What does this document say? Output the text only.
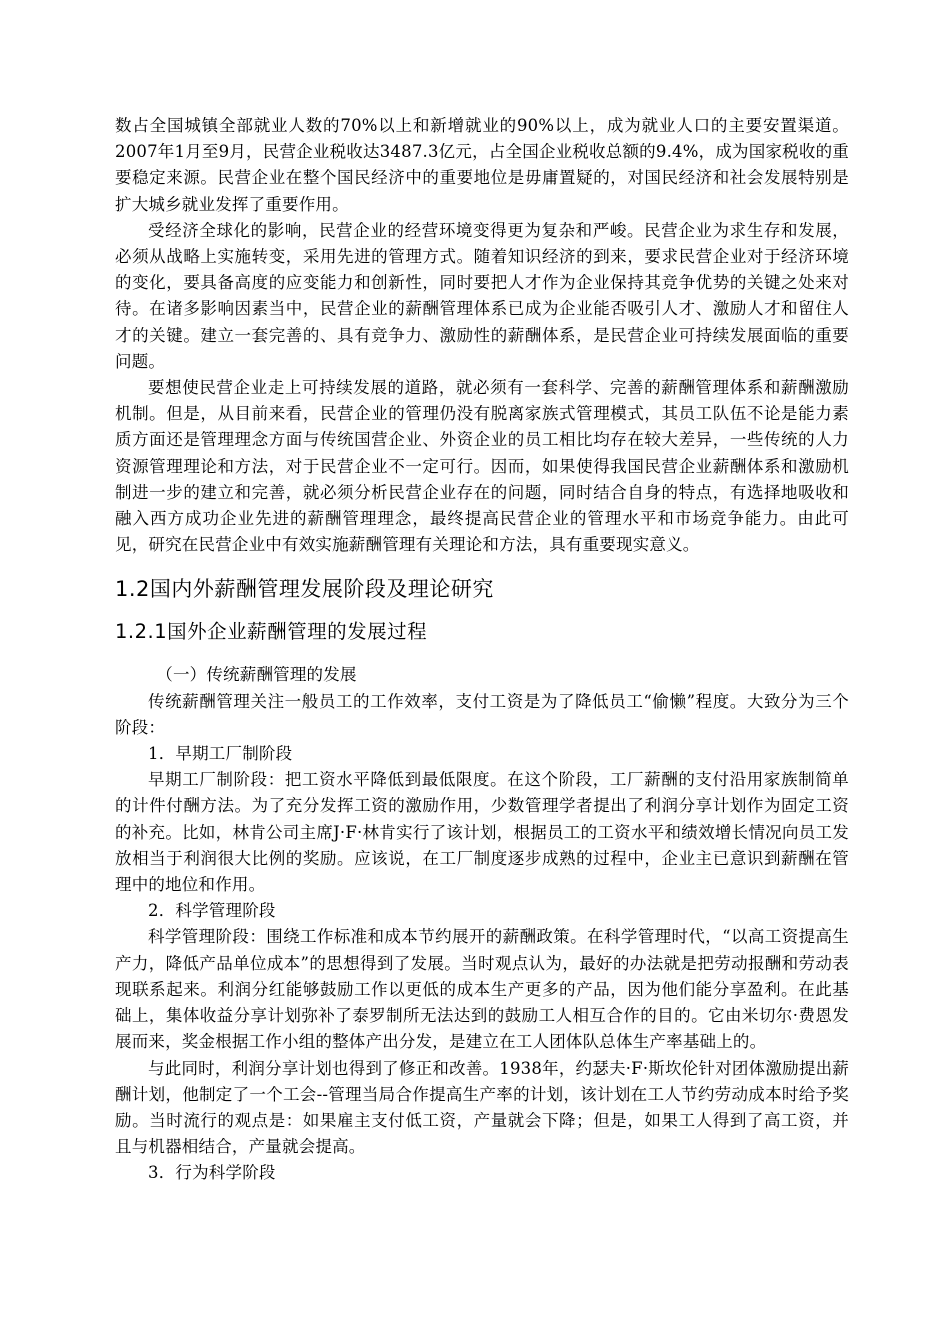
数占全国城镇全部就业人数的70%以上和新增就业的90%以上，成为就业人口的主要安置渠道。2007年1月至9月，民营企业税收达3487.3亿元，占全国企业税收总额的9.4%，成为国家税收的重要稳定来源。民营企业在整个国民经济中的重要地位是毋庸置疑的，对国民经济和社会发展特别是扩大城乡就业发挥了重要作用。

受经济全球化的影响，民营企业的经营环境变得更为复杂和严峻。民营企业为求生存和发展，必须从战略上实施转变，采用先进的管理方式。随着知识经济的到来，要求民营企业对于经济环境的变化，要具备高度的应变能力和创新性，同时要把人才作为企业保持其竞争优势的关键之处来对待。在诸多影响因素当中，民营企业的薪酬管理体系已成为企业能否吸引人才、激励人才和留住人才的关键。建立一套完善的、具有竞争力、激励性的薪酬体系，是民营企业可持续发展面临的重要问题。

要想使民营企业走上可持续发展的道路，就必须有一套科学、完善的薪酬管理体系和薪酬激励机制。但是，从目前来看，民营企业的管理仍没有脱离家族式管理模式，其员工队伍不论是能力素质方面还是管理理念方面与传统国营企业、外资企业的员工相比均存在较大差异，一些传统的人力资源管理理论和方法，对于民营企业不一定可行。因而，如果使得我国民营企业薪酬体系和激励机制进一步的建立和完善，就必须分析民营企业存在的问题，同时结合自身的特点，有选择地吸收和融入西方成功企业先进的薪酬管理理念，最终提高民营企业的管理水平和市场竞争能力。由此可见，研究在民营企业中有效实施薪酬管理有关理论和方法，具有重要现实意义。

1.2国内外薪酬管理发展阶段及理论研究
1.2.1国外企业薪酬管理的发展过程

（一）传统薪酬管理的发展

传统薪酬管理关注一般员工的工作效率，支付工资是为了降低员工“偷懒”程度。大致分为三个阶段：

1．早期工厂制阶段

早期工厂制阶段：把工资水平降低到最低限度。在这个阶段，工厂薪酬的支付沿用家族制简单的计件付酬方法。为了充分发挥工资的激励作用，少数管理学者提出了利润分享计划作为固定工资的补充。比如，林肯公司主席J·F·林肯实行了该计划，根据员工的工资水平和绩效增长情况向员工发放相当于利润很大比例的奖励。应该说，在工厂制度逐步成熟的过程中，企业主已意识到薪酬在管理中的地位和作用。

2．科学管理阶段

科学管理阶段：围绕工作标准和成本节约展开的薪酬政策。在科学管理时代，“以高工资提高生产力，降低产品单位成本”的思想得到了发展。当时观点认为，最好的办法就是把劳动报酬和劳动表现联系起来。利润分红能够鼓励工作以更低的成本生产更多的产品，因为他们能分享盈利。在此基础上，集体收益分享计划弥补了泰罗制所无法达到的鼓励工人相互合作的目的。它由米切尔·费恩发展而来，奖金根据工作小组的整体产出分发，是建立在工人团体队总体生产率基础上的。

与此同时，利润分享计划也得到了修正和改善。1938年，约瑟夫·F·斯坎伦针对团体激励提出薪酬计划，他制定了一个工会--管理当局合作提高生产率的计划，该计划在工人节约劳动成本时给予奖励。当时流行的观点是：如果雇主支付低工资，产量就会下降；但是，如果工人得到了高工资，并且与机器相结合，产量就会提高。

3．行为科学阶段
